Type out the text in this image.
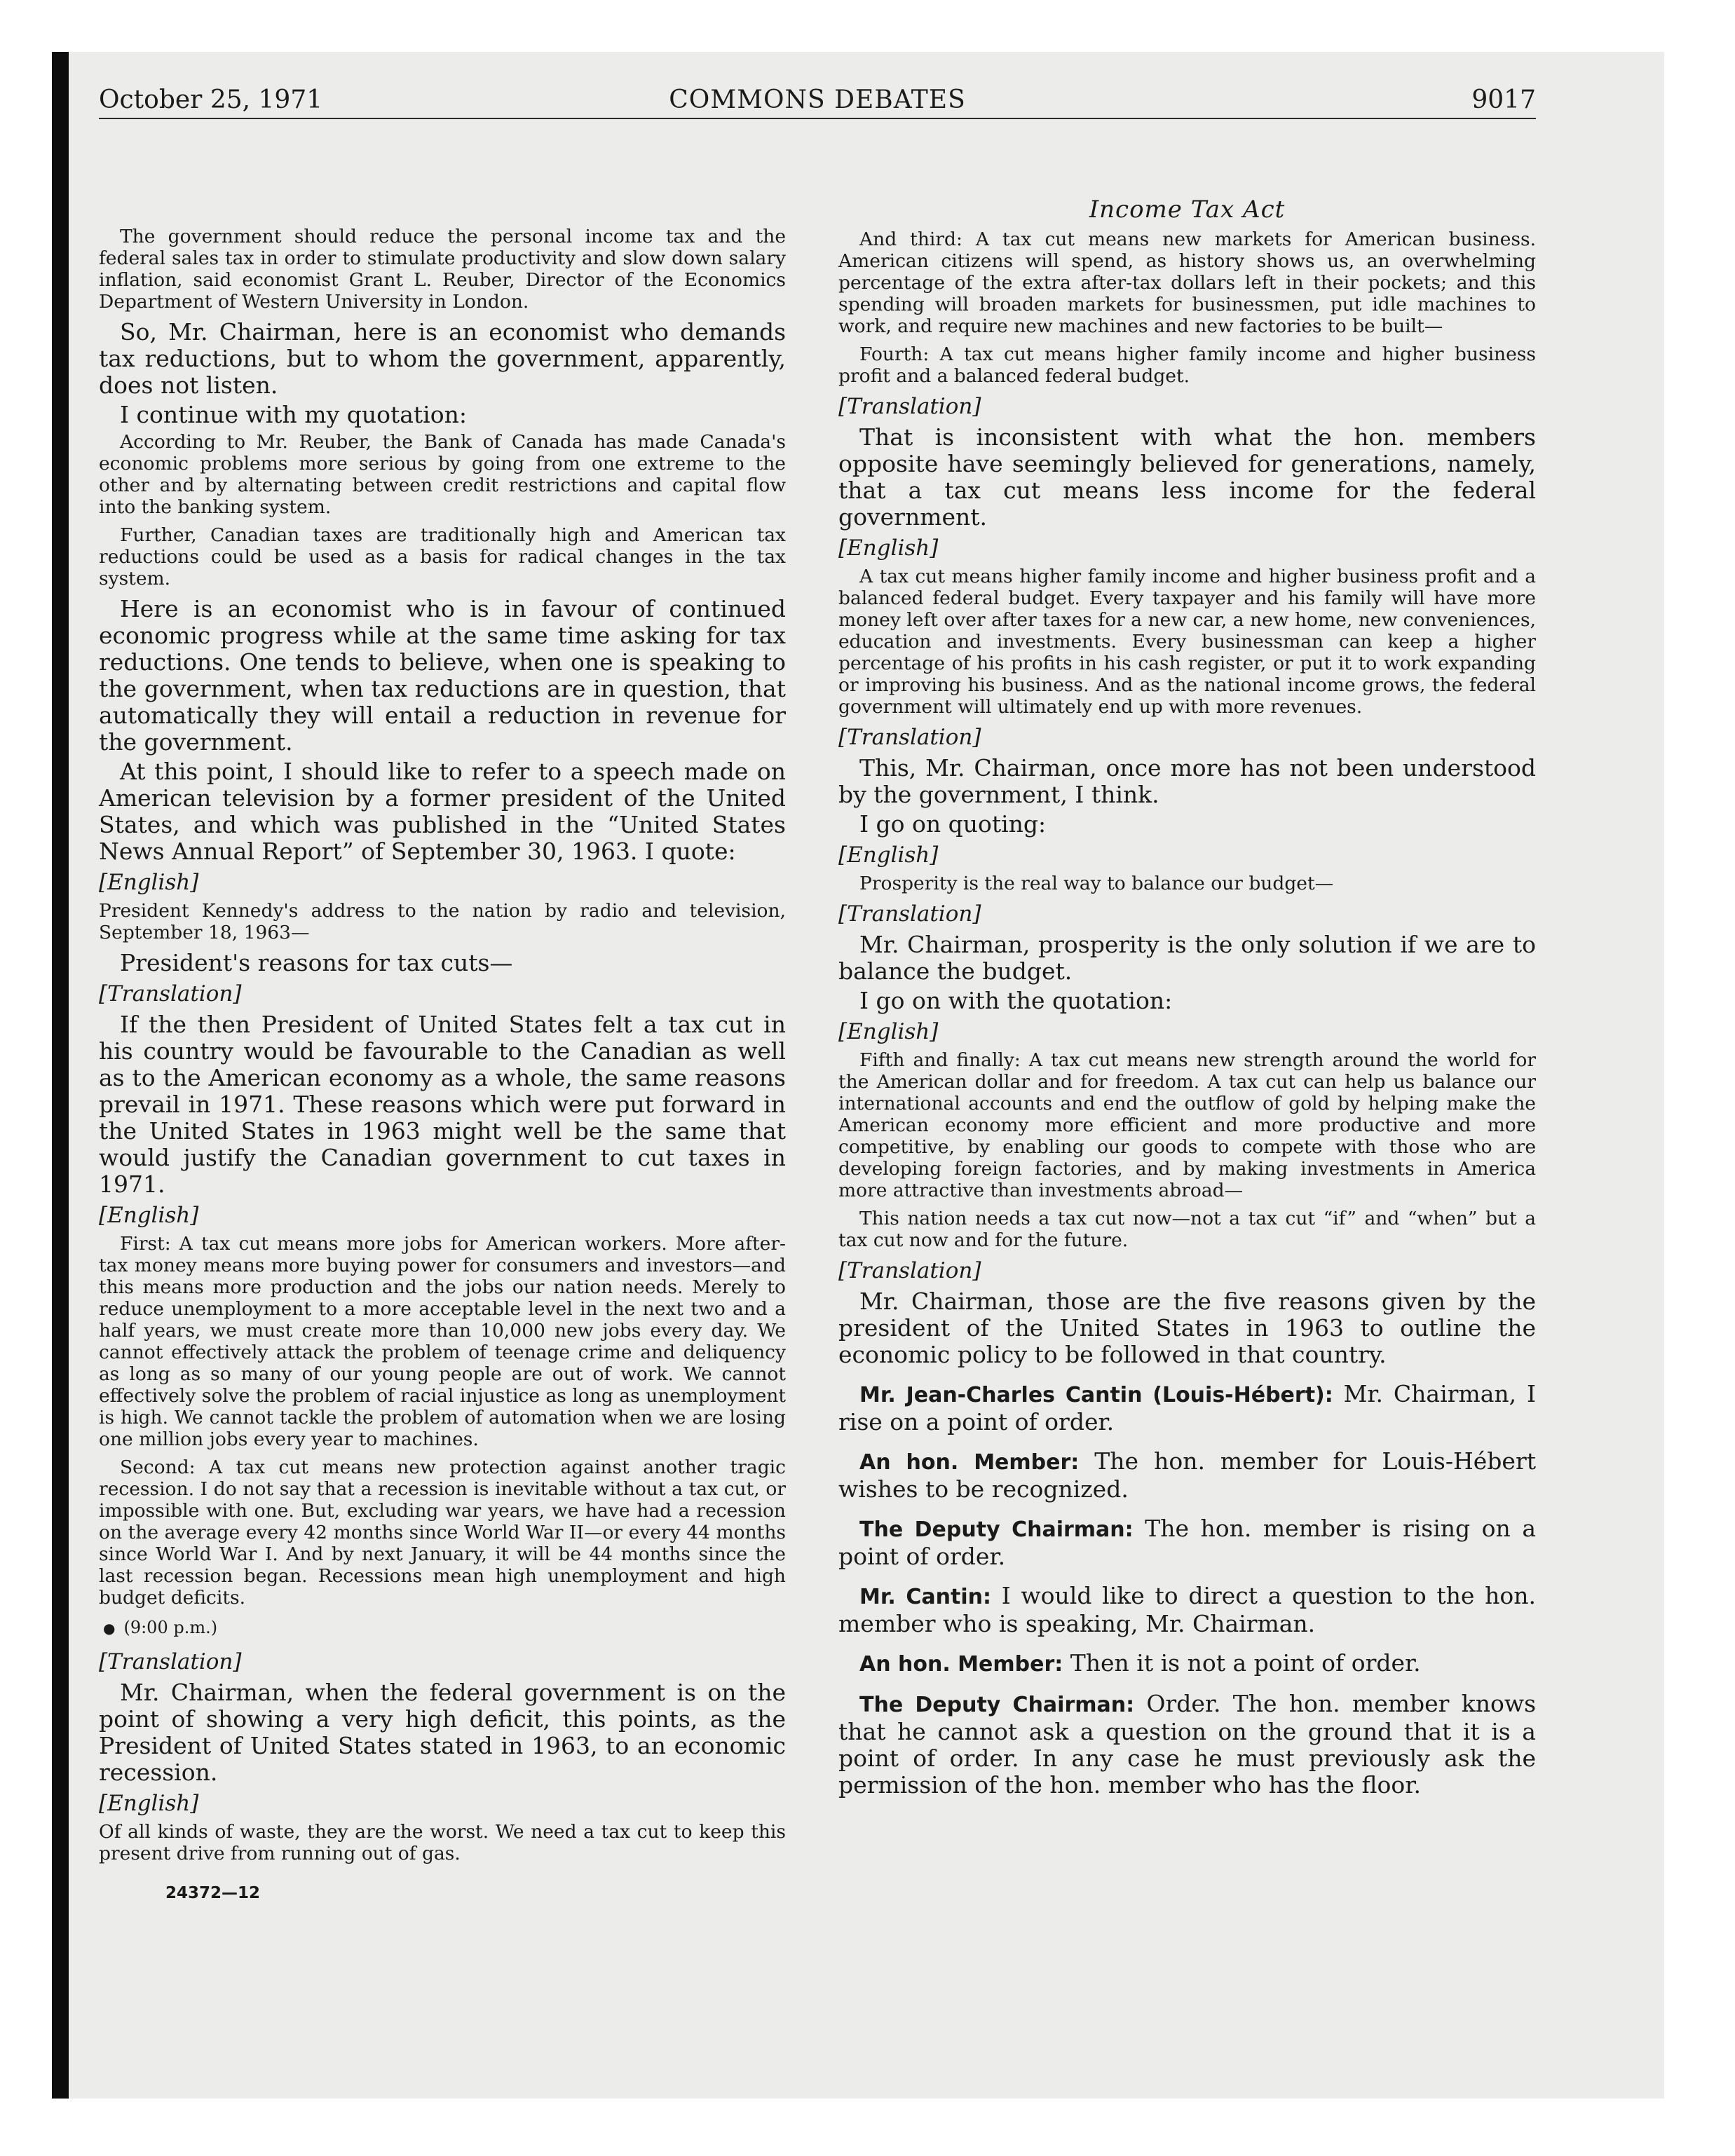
October 25, 1971	COMMONS DEBATES	9017

The government should reduce the personal income tax and the federal sales tax in order to stimulate productivity and slow down salary inflation, said economist Grant L. Reuber, Director of the Economics Department of Western University in London.

So, Mr. Chairman, here is an economist who demands tax reductions, but to whom the government, apparently, does not listen.

I continue with my quotation:

According to Mr. Reuber, the Bank of Canada has made Canada's economic problems more serious by going from one extreme to the other and by alternating between credit restrictions and capital flow into the banking system.

Further, Canadian taxes are traditionally high and American tax reductions could be used as a basis for radical changes in the tax system.

Here is an economist who is in favour of continued economic progress while at the same time asking for tax reductions. One tends to believe, when one is speaking to the government, when tax reductions are in question, that automatically they will entail a reduction in revenue for the government.

At this point, I should like to refer to a speech made on American television by a former president of the United States, and which was published in the “United States News Annual Report” of September 30, 1963. I quote:

[English]

President Kennedy's address to the nation by radio and television, September 18, 1963—

President's reasons for tax cuts—

[Translation]

If the then President of United States felt a tax cut in his country would be favourable to the Canadian as well as to the American economy as a whole, the same reasons prevail in 1971. These reasons which were put forward in the United States in 1963 might well be the same that would justify the Canadian government to cut taxes in 1971.

[English]

First: A tax cut means more jobs for American workers. More after-tax money means more buying power for consumers and investors—and this means more production and the jobs our nation needs. Merely to reduce unemployment to a more acceptable level in the next two and a half years, we must create more than 10,000 new jobs every day. We cannot effectively attack the problem of teenage crime and deliquency as long as so many of our young people are out of work. We cannot effectively solve the problem of racial injustice as long as unemployment is high. We cannot tackle the problem of automation when we are losing one million jobs every year to machines.

Second: A tax cut means new protection against another tragic recession. I do not say that a recession is inevitable without a tax cut, or impossible with one. But, excluding war years, we have had a recession on the average every 42 months since World War II—or every 44 months since World War I. And by next January, it will be 44 months since the last recession began. Recessions mean high unemployment and high budget deficits.

● (9:00 p.m.)

[Translation]

Mr. Chairman, when the federal government is on the point of showing a very high deficit, this points, as the President of United States stated in 1963, to an economic recession.

[English]

Of all kinds of waste, they are the worst. We need a tax cut to keep this present drive from running out of gas.

24372—12

Income Tax Act

And third: A tax cut means new markets for American business. American citizens will spend, as history shows us, an overwhelming percentage of the extra after-tax dollars left in their pockets; and this spending will broaden markets for businessmen, put idle machines to work, and require new machines and new factories to be built—

Fourth: A tax cut means higher family income and higher business profit and a balanced federal budget.

[Translation]

That is inconsistent with what the hon. members opposite have seemingly believed for generations, namely, that a tax cut means less income for the federal government.

[English]

A tax cut means higher family income and higher business profit and a balanced federal budget. Every taxpayer and his family will have more money left over after taxes for a new car, a new home, new conveniences, education and investments. Every businessman can keep a higher percentage of his profits in his cash register, or put it to work expanding or improving his business. And as the national income grows, the federal government will ultimately end up with more revenues.

[Translation]

This, Mr. Chairman, once more has not been understood by the government, I think.

I go on quoting:

[English]

Prosperity is the real way to balance our budget—

[Translation]

Mr. Chairman, prosperity is the only solution if we are to balance the budget.

I go on with the quotation:

[English]

Fifth and finally: A tax cut means new strength around the world for the American dollar and for freedom. A tax cut can help us balance our international accounts and end the outflow of gold by helping make the American economy more efficient and more productive and more competitive, by enabling our goods to compete with those who are developing foreign factories, and by making investments in America more attractive than investments abroad—

This nation needs a tax cut now—not a tax cut “if” and “when” but a tax cut now and for the future.

[Translation]

Mr. Chairman, those are the five reasons given by the president of the United States in 1963 to outline the economic policy to be followed in that country.

Mr. Jean-Charles Cantin (Louis-Hébert): Mr. Chairman, I rise on a point of order.

An hon. Member: The hon. member for Louis-Hébert wishes to be recognized.

The Deputy Chairman: The hon. member is rising on a point of order.

Mr. Cantin: I would like to direct a question to the hon. member who is speaking, Mr. Chairman.

An hon. Member: Then it is not a point of order.

The Deputy Chairman: Order. The hon. member knows that he cannot ask a question on the ground that it is a point of order. In any case he must previously ask the permission of the hon. member who has the floor.
